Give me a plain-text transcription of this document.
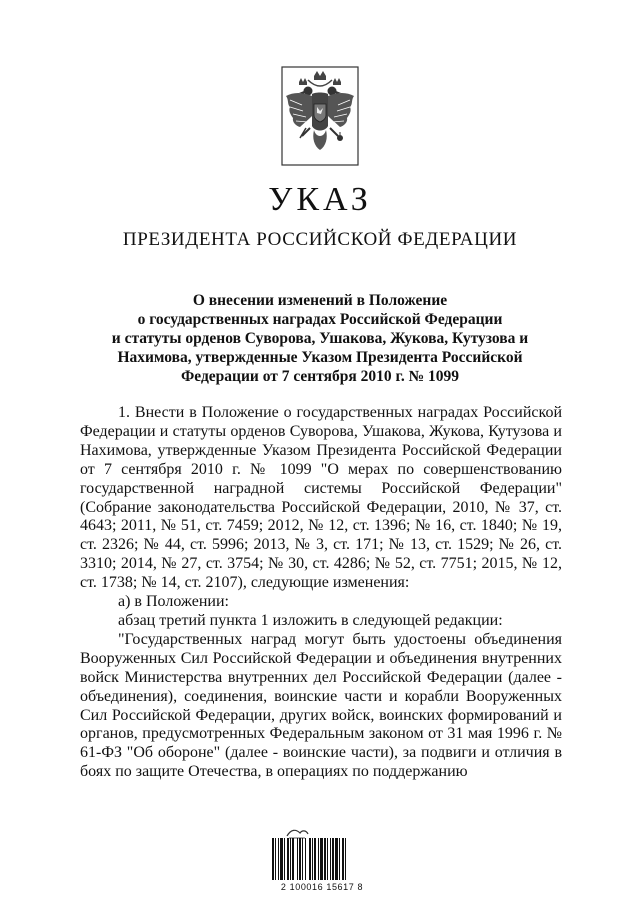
УКАЗ
ПРЕЗИДЕНТА РОССИЙСКОЙ ФЕДЕРАЦИИ
О внесении изменений в Положение
о государственных наградах Российской Федерации
и статуты орденов Суворова, Ушакова, Жукова, Кутузова и
Нахимова, утвержденные Указом Президента Российской
Федерации от 7 сентября 2010 г. № 1099

1. Внести в Положение о государственных наградах Российской Федерации и статуты орденов Суворова, Ушакова, Жукова, Кутузова и Нахимова, утвержденные Указом Президента Российской Федерации от 7 сентября 2010 г. № 1099 "О мерах по совершенствованию государственной наградной системы Российской Федерации" (Собрание законодательства Российской Федерации, 2010, № 37, ст. 4643; 2011, № 51, ст. 7459; 2012, № 12, ст. 1396; № 16, ст. 1840; № 19, ст. 2326; № 44, ст. 5996; 2013, № 3, ст. 171; № 13, ст. 1529; № 26, ст. 3310; 2014, № 27, ст. 3754; № 30, ст. 4286; № 52, ст. 7751; 2015, № 12, ст. 1738; № 14, ст. 2107), следующие изменения:

а) в Положении:

абзац третий пункта 1 изложить в следующей редакции:

"Государственных наград могут быть удостоены объединения Вооруженных Сил Российской Федерации и объединения внутренних войск Министерства внутренних дел Российской Федерации (далее - объединения), соединения, воинские части и корабли Вооруженных Сил Российской Федерации, других войск, воинских формирований и органов, предусмотренных Федеральным законом от 31 мая 1996 г. № 61-ФЗ "Об обороне" (далее - воинские части), за подвиги и отличия в боях по защите Отечества, в операциях по поддержанию

2 100016 15617 8
